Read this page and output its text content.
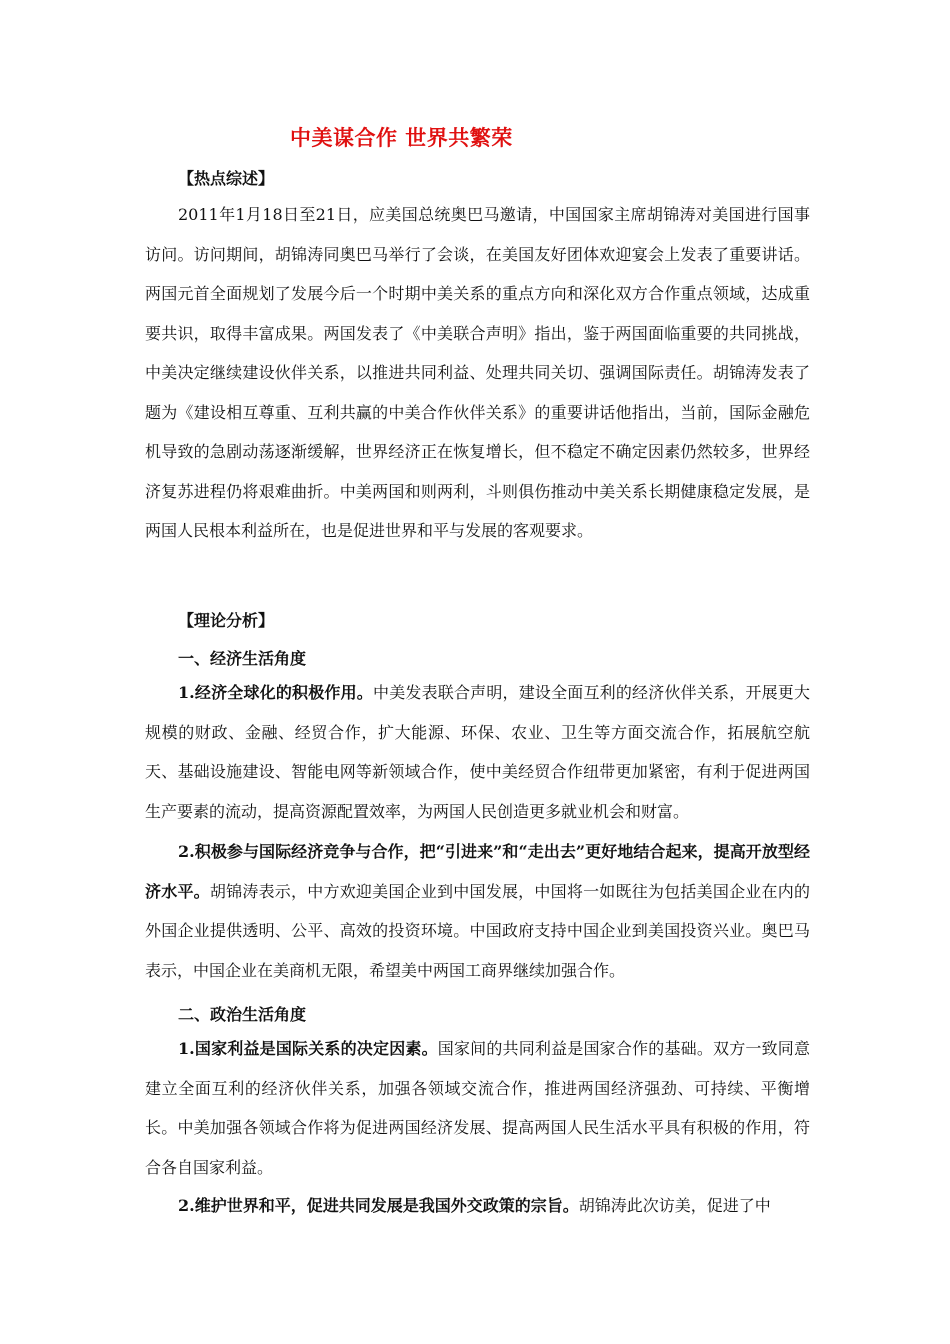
中美谋合作 世界共繁荣
【热点综述】

2011年1月18日至21日，应美国总统奥巴马邀请，中国国家主席胡锦涛对美国进行国事访问。访问期间，胡锦涛同奥巴马举行了会谈，在美国友好团体欢迎宴会上发表了重要讲话。两国元首全面规划了发展今后一个时期中美关系的重点方向和深化双方合作重点领域，达成重要共识，取得丰富成果。两国发表了《中美联合声明》指出，鉴于两国面临重要的共同挑战，中美决定继续建设伙伴关系，以推进共同利益、处理共同关切、强调国际责任。胡锦涛发表了题为《建设相互尊重、互利共赢的中美合作伙伴关系》的重要讲话他指出，当前，国际金融危机导致的急剧动荡逐渐缓解，世界经济正在恢复增长，但不稳定不确定因素仍然较多，世界经济复苏进程仍将艰难曲折。中美两国和则两利，斗则俱伤推动中美关系长期健康稳定发展，是两国人民根本利益所在，也是促进世界和平与发展的客观要求。

【理论分析】
一、经济生活角度

1.经济全球化的积极作用。中美发表联合声明，建设全面互利的经济伙伴关系，开展更大规模的财政、金融、经贸合作，扩大能源、环保、农业、卫生等方面交流合作，拓展航空航天、基础设施建设、智能电网等新领域合作，使中美经贸合作纽带更加紧密，有利于促进两国生产要素的流动，提高资源配置效率，为两国人民创造更多就业机会和财富。

2.积极参与国际经济竞争与合作，把“引进来”和“走出去”更好地结合起来，提高开放型经济水平。胡锦涛表示，中方欢迎美国企业到中国发展，中国将一如既往为包括美国企业在内的外国企业提供透明、公平、高效的投资环境。中国政府支持中国企业到美国投资兴业。奥巴马表示，中国企业在美商机无限，希望美中两国工商界继续加强合作。

二、政治生活角度

1.国家利益是国际关系的决定因素。国家间的共同利益是国家合作的基础。双方一致同意建立全面互利的经济伙伴关系，加强各领域交流合作，推进两国经济强劲、可持续、平衡增长。中美加强各领域合作将为促进两国经济发展、提高两国人民生活水平具有积极的作用，符合各自国家利益。

2.维护世界和平，促进共同发展是我国外交政策的宗旨。胡锦涛此次访美，促进了中
